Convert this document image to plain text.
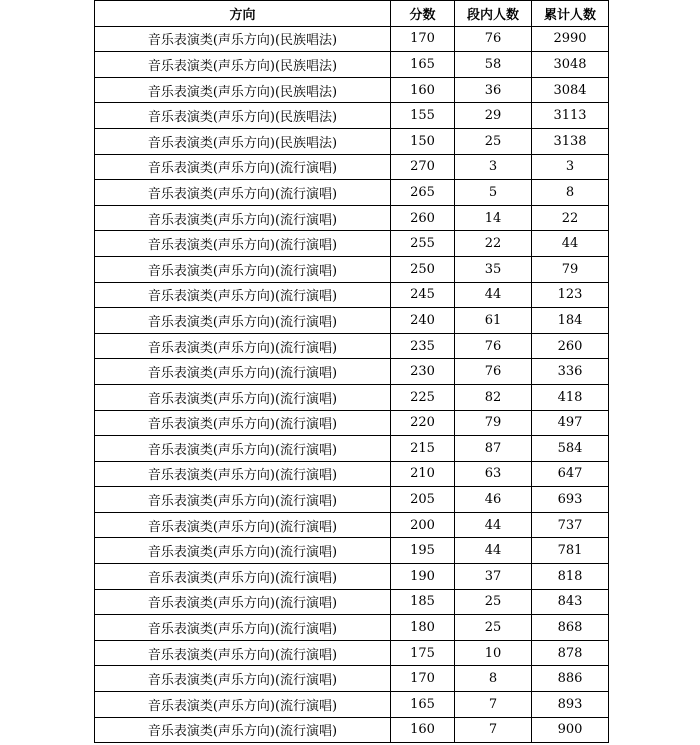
方向	分数	段内人数	累计人数
音乐表演类(声乐方向)(民族唱法)	170	76	2990
音乐表演类(声乐方向)(民族唱法)	165	58	3048
音乐表演类(声乐方向)(民族唱法)	160	36	3084
音乐表演类(声乐方向)(民族唱法)	155	29	3113
音乐表演类(声乐方向)(民族唱法)	150	25	3138
音乐表演类(声乐方向)(流行演唱)	270	3	3
音乐表演类(声乐方向)(流行演唱)	265	5	8
音乐表演类(声乐方向)(流行演唱)	260	14	22
音乐表演类(声乐方向)(流行演唱)	255	22	44
音乐表演类(声乐方向)(流行演唱)	250	35	79
音乐表演类(声乐方向)(流行演唱)	245	44	123
音乐表演类(声乐方向)(流行演唱)	240	61	184
音乐表演类(声乐方向)(流行演唱)	235	76	260
音乐表演类(声乐方向)(流行演唱)	230	76	336
音乐表演类(声乐方向)(流行演唱)	225	82	418
音乐表演类(声乐方向)(流行演唱)	220	79	497
音乐表演类(声乐方向)(流行演唱)	215	87	584
音乐表演类(声乐方向)(流行演唱)	210	63	647
音乐表演类(声乐方向)(流行演唱)	205	46	693
音乐表演类(声乐方向)(流行演唱)	200	44	737
音乐表演类(声乐方向)(流行演唱)	195	44	781
音乐表演类(声乐方向)(流行演唱)	190	37	818
音乐表演类(声乐方向)(流行演唱)	185	25	843
音乐表演类(声乐方向)(流行演唱)	180	25	868
音乐表演类(声乐方向)(流行演唱)	175	10	878
音乐表演类(声乐方向)(流行演唱)	170	8	886
音乐表演类(声乐方向)(流行演唱)	165	7	893
音乐表演类(声乐方向)(流行演唱)	160	7	900
